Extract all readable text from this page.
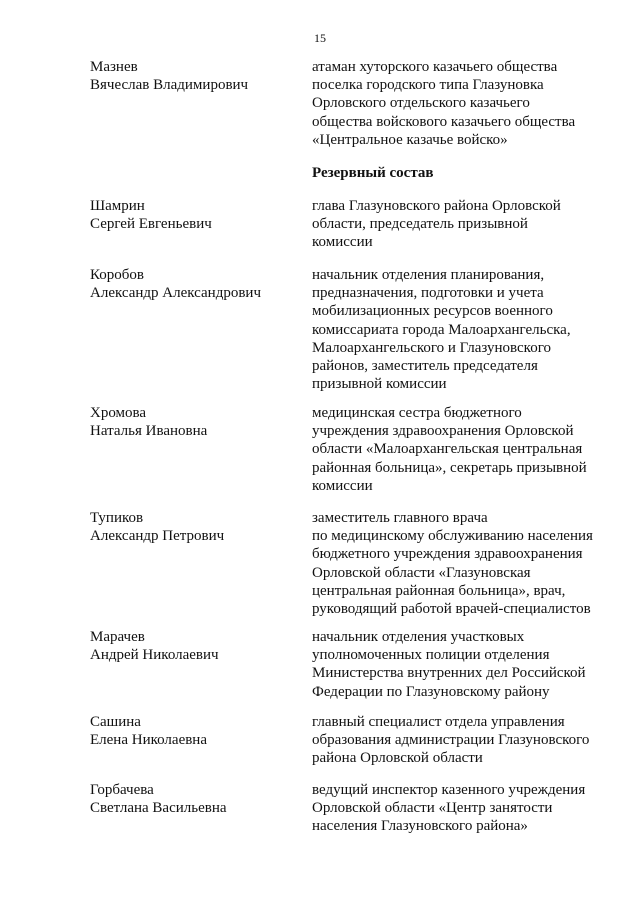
15
Мазнев
Вячеслав Владимирович
атаман хуторского казачьего общества
поселка городского типа Глазуновка
Орловского отдельского казачьего
общества войскового казачьего общества
«Центральное казачье войско»
Резервный состав
Шамрин
Сергей Евгеньевич
глава Глазуновского района Орловской
области, председатель призывной
комиссии
Коробов
Александр Александрович
начальник отделения планирования,
предназначения, подготовки и учета
мобилизационных ресурсов военного
комиссариата города Малоархангельска,
Малоархангельского и Глазуновского
районов, заместитель председателя
призывной комиссии
Хромова
Наталья Ивановна
медицинская сестра бюджетного
учреждения здравоохранения Орловской
области «Малоархангельская центральная
районная больница», секретарь призывной
комиссии
Тупиков
Александр Петрович
заместитель главного врача
по медицинскому обслуживанию населения
бюджетного учреждения здравоохранения
Орловской области «Глазуновская
центральная районная больница», врач,
руководящий работой врачей-специалистов
Марачев
Андрей Николаевич
начальник отделения участковых
уполномоченных полиции отделения
Министерства внутренних дел Российской
Федерации по Глазуновскому району
Сашина
Елена Николаевна
главный специалист отдела управления
образования администрации Глазуновского
района Орловской области
Горбачева
Светлана Васильевна
ведущий инспектор казенного учреждения
Орловской области «Центр занятости
населения Глазуновского района»
